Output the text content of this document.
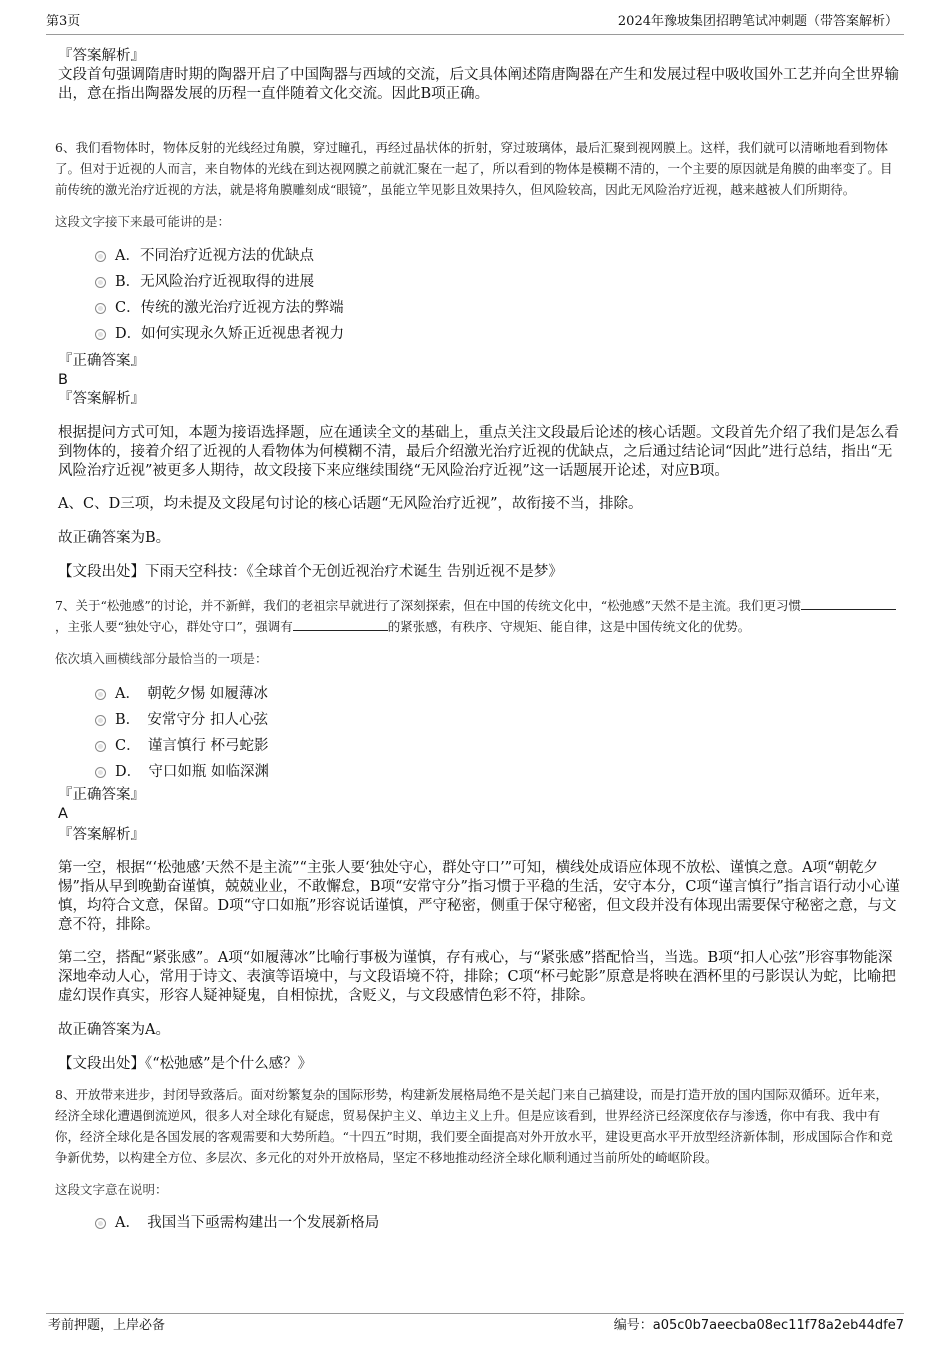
第3页	2024年豫坡集团招聘笔试冲刺题（带答案解析）
『答案解析』
文段首句强调隋唐时期的陶器开启了中国陶器与西域的交流，后文具体阐述隋唐陶器在产生和发展过程中吸收国外工艺并向全世界输出，意在指出陶器发展的历程一直伴随着文化交流。因此B项正确。

6、我们看物体时，物体反射的光线经过角膜，穿过瞳孔，再经过晶状体的折射，穿过玻璃体，最后汇聚到视网膜上。这样，我们就可以清晰地看到物体了。但对于近视的人而言，来自物体的光线在到达视网膜之前就汇聚在一起了，所以看到的物体是模糊不清的，一个主要的原因就是角膜的曲率变了。目前传统的激光治疗近视的方法，就是将角膜雕刻成“眼镜”，虽能立竿见影且效果持久，但风险较高，因此无风险治疗近视，越来越被人们所期待。

这段文字接下来最可能讲的是：

A．不同治疗近视方法的优缺点
B．无风险治疗近视取得的进展
C．传统的激光治疗近视方法的弊端
D．如何实现永久矫正近视患者视力
『正确答案』
B
『答案解析』
根据提问方式可知，本题为接语选择题，应在通读全文的基础上，重点关注文段最后论述的核心话题。文段首先介绍了我们是怎么看到物体的，接着介绍了近视的人看物体为何模糊不清，最后介绍激光治疗近视的优缺点，之后通过结论词“因此”进行总结，指出“无风险治疗近视”被更多人期待，故文段接下来应继续围绕“无风险治疗近视”这一话题展开论述，对应B项。
A、C、D三项，均未提及文段尾句讨论的核心话题“无风险治疗近视”，故衔接不当，排除。
故正确答案为B。
【文段出处】下雨天空科技：《全球首个无创近视治疗术诞生 告别近视不是梦》

7、关于“松弛感”的讨论，并不新鲜，我们的老祖宗早就进行了深刻探索，但在中国的传统文化中，“松弛感”天然不是主流。我们更习惯，主张人要“独处守心，群处守口”，强调有	的紧张感，有秩序、守规矩、能自律，这是中国传统文化的优势。

依次填入画横线部分最恰当的一项是：

A．　朝乾夕惕 如履薄冰
B．　安常守分 扣人心弦
C．　谨言慎行 杯弓蛇影
D．　守口如瓶 如临深渊
『正确答案』
A
『答案解析』
第一空，根据“‘松弛感’天然不是主流”“主张人要‘独处守心，群处守口’”可知，横线处成语应体现不放松、谨慎之意。A项“朝乾夕惕”指从早到晚勤奋谨慎，兢兢业业，不敢懈怠，B项“安常守分”指习惯于平稳的生活，安守本分，C项“谨言慎行”指言语行动小心谨慎，均符合文意，保留。D项“守口如瓶”形容说话谨慎，严守秘密，侧重于保守秘密，但文段并没有体现出需要保守秘密之意，与文意不符，排除。
第二空，搭配“紧张感”。A项“如履薄冰”比喻行事极为谨慎，存有戒心，与“紧张感”搭配恰当，当选。B项“扣人心弦”形容事物能深深地牵动人心，常用于诗文、表演等语境中，与文段语境不符，排除；C项“杯弓蛇影”原意是将映在酒杯里的弓影误认为蛇，比喻把虚幻误作真实，形容人疑神疑鬼，自相惊扰，含贬义，与文段感情色彩不符，排除。
故正确答案为A。
【文段出处】《“松弛感”是个什么感？》

8、开放带来进步，封闭导致落后。面对纷繁复杂的国际形势，构建新发展格局绝不是关起门来自己搞建设，而是打造开放的国内国际双循环。近年来，经济全球化遭遇倒流逆风，很多人对全球化有疑虑，贸易保护主义、单边主义上升。但是应该看到，世界经济已经深度依存与渗透，你中有我、我中有你，经济全球化是各国发展的客观需要和大势所趋。“十四五”时期，我们要全面提高对外开放水平，建设更高水平开放型经济新体制，形成国际合作和竞争新优势，以构建全方位、多层次、多元化的对外开放格局，坚定不移地推动经济全球化顺利通过当前所处的崎岖阶段。

这段文字意在说明：

A．　我国当下亟需构建出一个发展新格局
考前押题，上岸必备	编号：a05c0b7aeecba08ec11f78a2eb44dfe7
